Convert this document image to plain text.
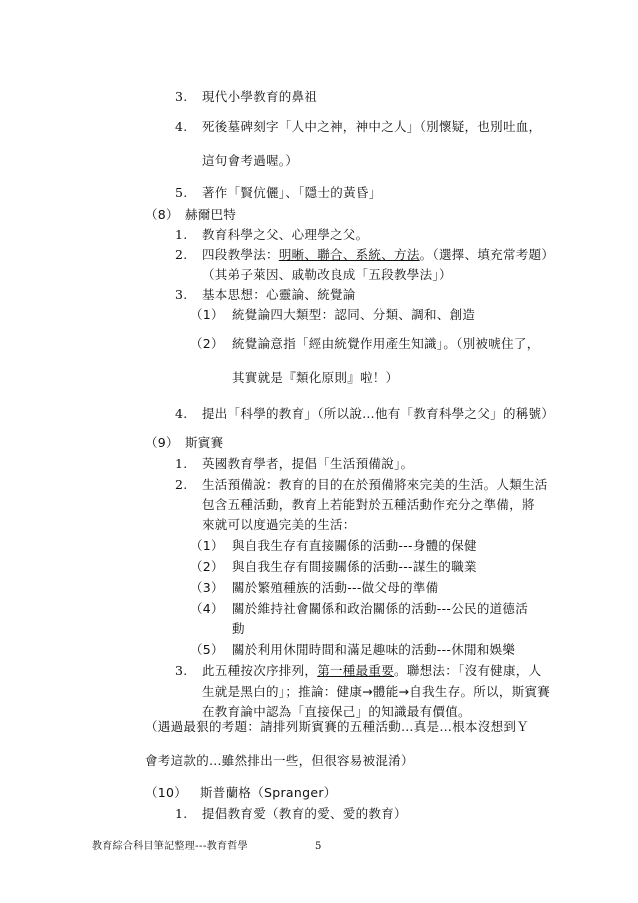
3. 現代小學教育的鼻祖
4. 死後墓碑刻字「人中之神，神中之人」（別懷疑，也別吐血，
這句會考過喔。）
5. 著作「賢伉儷」、「隱士的黃昏」
（8） 赫爾巴特
1. 教育科學之父、心理學之父。
2. 四段教學法：明晰、聯合、系統、方法。（選擇、填充常考題）
（其弟子萊因、戚勒改良成「五段教學法」）
3. 基本思想：心靈論、統覺論
（1） 統覺論四大類型：認同、分類、調和、創造
（2） 統覺論意指「經由統覺作用產生知識」。（別被唬住了，
其實就是『類化原則』啦！）
4. 提出「科學的教育」（所以說…他有「教育科學之父」的稱號）
（9） 斯賓賽
1. 英國教育學者，提倡「生活預備說」。
2. 生活預備說：教育的目的在於預備將來完美的生活。人類生活
包含五種活動，教育上若能對於五種活動作充分之準備，將
來就可以度過完美的生活：
（1） 與自我生存有直接關係的活動---身體的保健
（2） 與自我生存有間接關係的活動---謀生的職業
（3） 關於繁殖種族的活動---做父母的準備
（4） 關於維持社會關係和政治關係的活動---公民的道德活
動
（5） 關於利用休閒時間和滿足趣味的活動---休閒和娛樂
3. 此五種按次序排列，第一種最重要。聯想法：「沒有健康，人
生就是黑白的」；推論：健康→體能→自我生存。所以，斯賓賽
在教育論中認為「直接保己」的知識最有價值。
（遇過最狠的考題：請排列斯賓賽的五種活動…真是…根本沒想到Ｙ
會考這款的…雖然排出一些，但很容易被混淆）
（10） 斯普蘭格（Spranger）
1. 提倡教育愛（教育的愛、愛的教育）
教育綜合科目筆記整理---教育哲學	5
